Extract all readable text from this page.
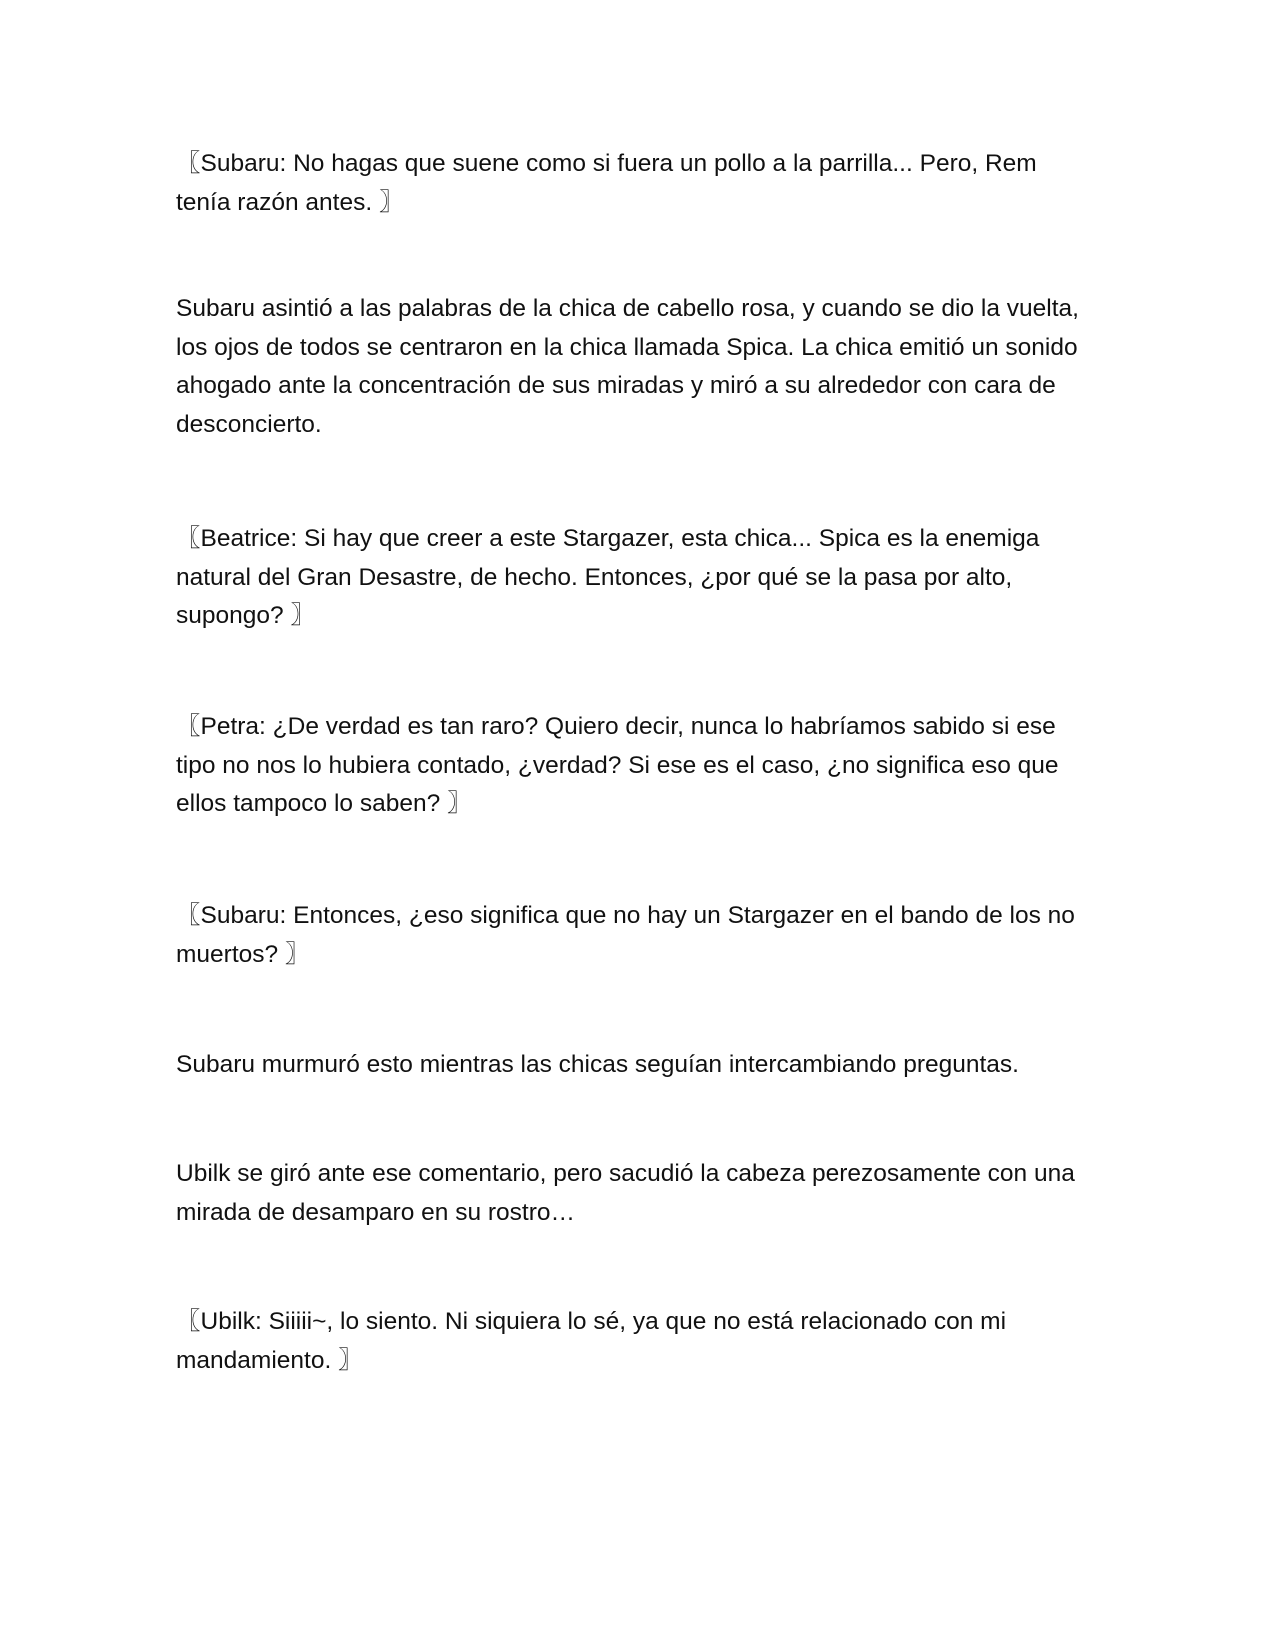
〖Subaru: No hagas que suene como si fuera un pollo a la parrilla... Pero, Rem tenía razón antes. 〗

Subaru asintió a las palabras de la chica de cabello rosa, y cuando se dio la vuelta, los ojos de todos se centraron en la chica llamada Spica. La chica emitió un sonido ahogado ante la concentración de sus miradas y miró a su alrededor con cara de desconcierto.

〖Beatrice: Si hay que creer a este Stargazer, esta chica... Spica es la enemiga natural del Gran Desastre, de hecho. Entonces, ¿por qué se la pasa por alto, supongo? 〗

〖Petra: ¿De verdad es tan raro? Quiero decir, nunca lo habríamos sabido si ese tipo no nos lo hubiera contado, ¿verdad? Si ese es el caso, ¿no significa eso que ellos tampoco lo saben? 〗

〖Subaru: Entonces, ¿eso significa que no hay un Stargazer en el bando de los no muertos? 〗

Subaru murmuró esto mientras las chicas seguían intercambiando preguntas.

Ubilk se giró ante ese comentario, pero sacudió la cabeza perezosamente con una mirada de desamparo en su rostro…

〖Ubilk: Siiiii~, lo siento. Ni siquiera lo sé, ya que no está relacionado con mi mandamiento. 〗
